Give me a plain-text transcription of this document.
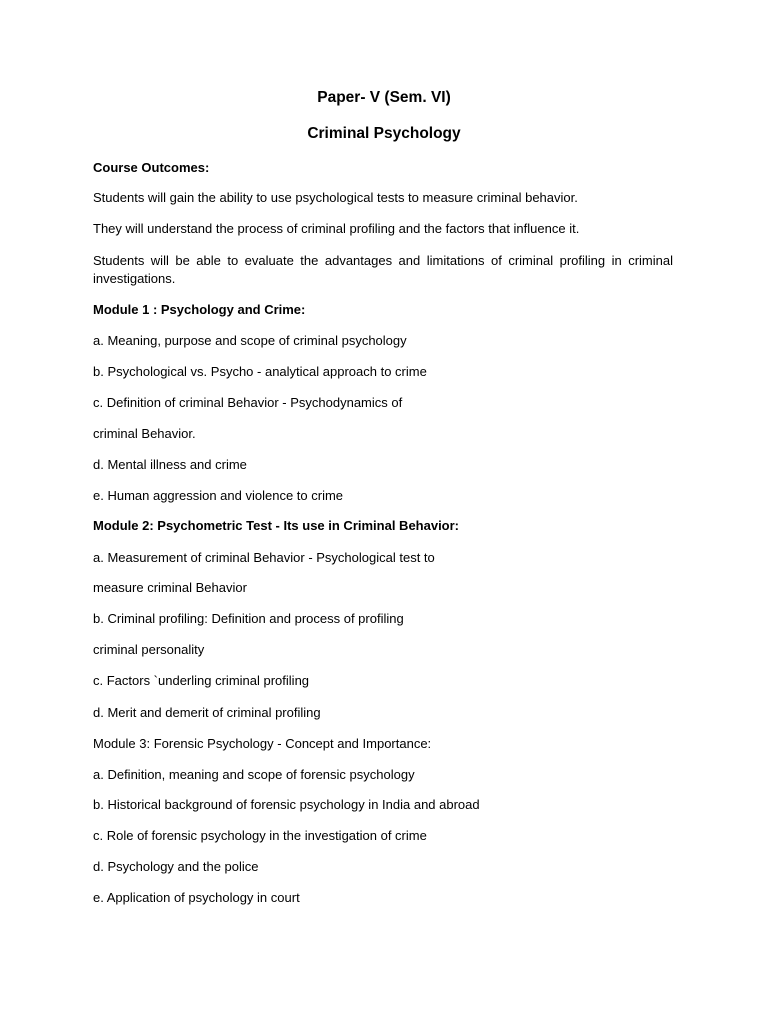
Paper- V (Sem. VI)
Criminal Psychology
Course Outcomes:
Students will gain the ability to use psychological tests to measure criminal behavior.
They will understand the process of criminal profiling and the factors that influence it.
Students will be able to evaluate the advantages and limitations of criminal profiling in criminal investigations.
Module 1 : Psychology and Crime:
a. Meaning, purpose and scope of criminal psychology
b. Psychological vs. Psycho - analytical approach to crime
c. Definition of criminal Behavior - Psychodynamics of
criminal Behavior.
d. Mental illness and crime
e. Human aggression and violence to crime
Module 2: Psychometric Test - Its use in Criminal Behavior:
a. Measurement of criminal Behavior - Psychological test to
measure criminal Behavior
b. Criminal profiling: Definition and process of profiling
criminal personality
c. Factors `underling criminal profiling
d. Merit and demerit of criminal profiling
Module 3: Forensic Psychology - Concept and Importance:
a. Definition, meaning and scope of forensic psychology
b. Historical background of forensic psychology in India and abroad
c. Role of forensic psychology in the investigation of crime
d. Psychology and the police
e. Application of psychology in court
